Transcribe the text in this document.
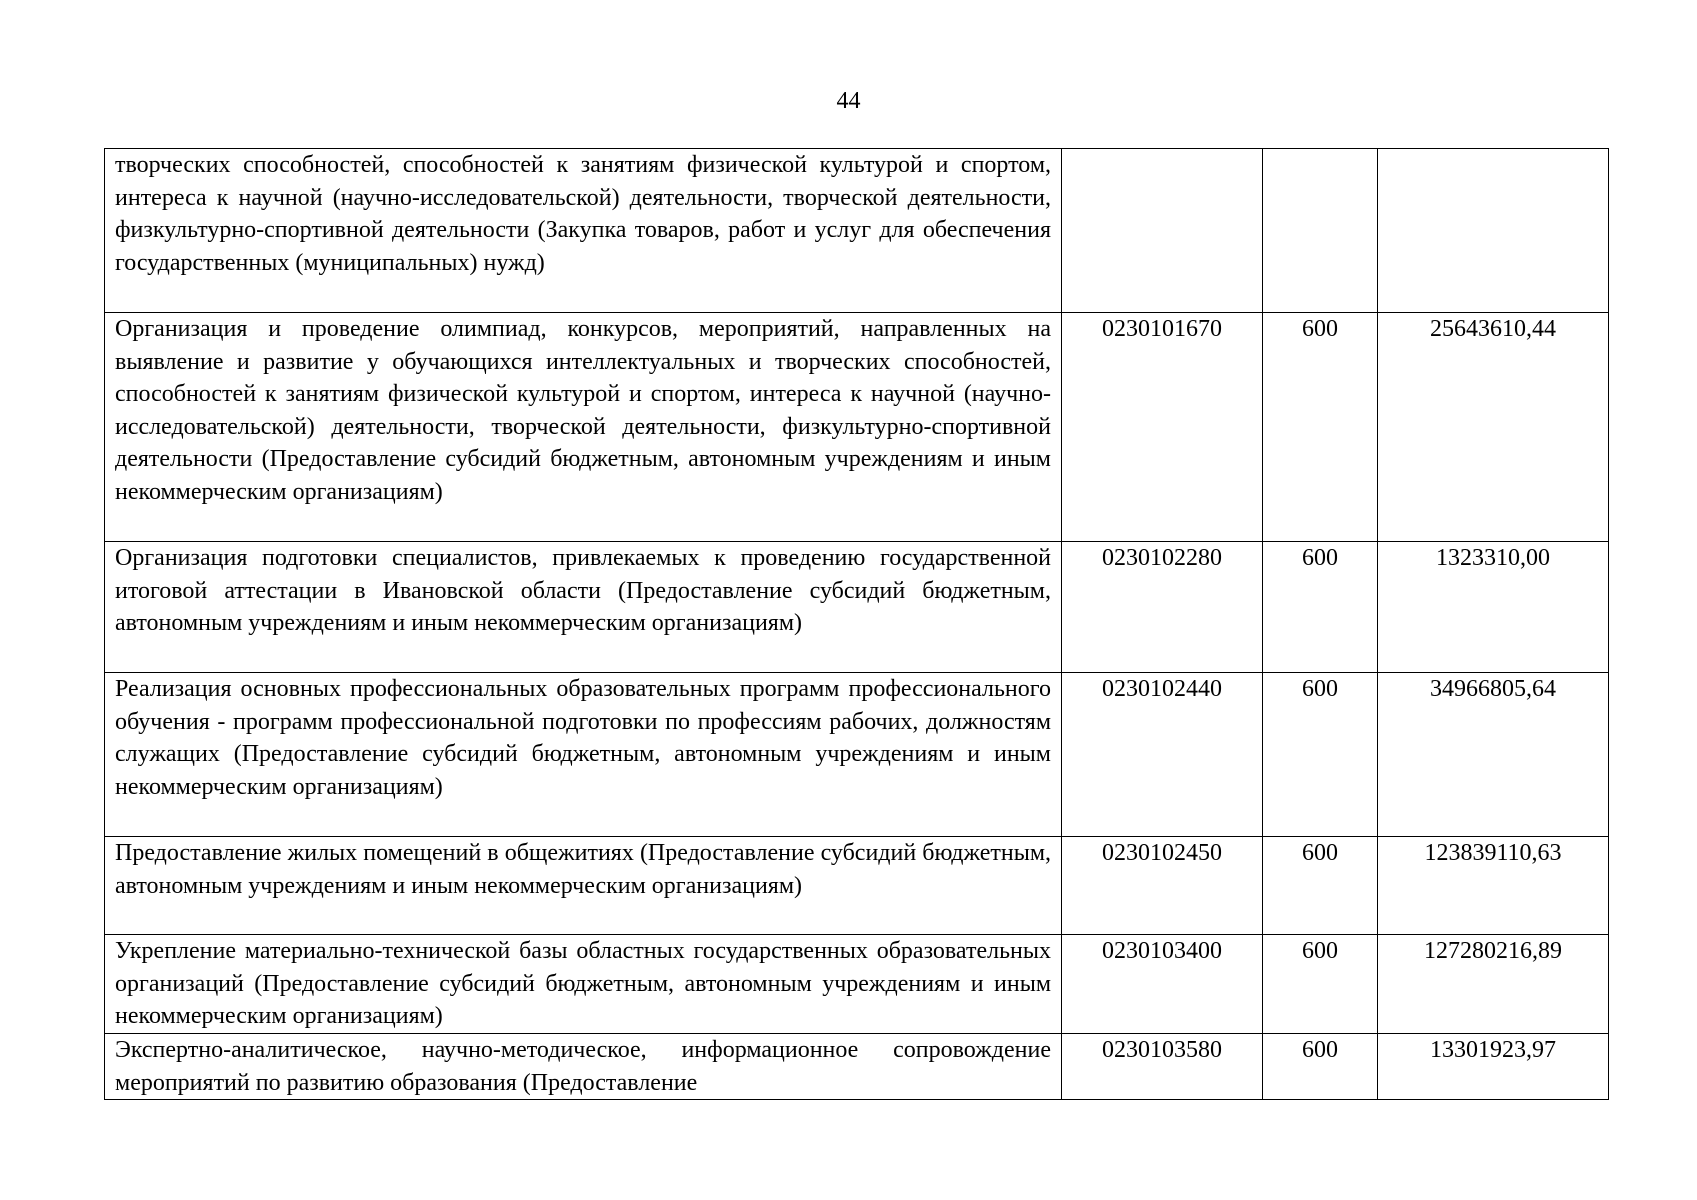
44
творческих способностей, способностей к занятиям физической культурой и спортом, интереса к научной (научно-исследовательской) деятельности, творческой деятельности, физкультурно-спортивной деятельности (Закупка товаров, работ и услуг для обеспечения государственных (муниципальных) нужд)			
Организация и проведение олимпиад, конкурсов, мероприятий, направленных на выявление и развитие у обучающихся интеллектуальных и творческих способностей, способностей к занятиям физической культурой и спортом, интереса к научной (научно-исследовательской) деятельности, творческой деятельности, физкультурно-спортивной деятельности (Предоставление субсидий бюджетным, автономным учреждениям и иным некоммерческим организациям)	0230101670	600	25643610,44
Организация подготовки специалистов, привлекаемых к проведению государственной итоговой аттестации в Ивановской области (Предоставление субсидий бюджетным, автономным учреждениям и иным некоммерческим организациям)	0230102280	600	1323310,00
Реализация основных профессиональных образовательных программ профессионального обучения - программ профессиональной подготовки по профессиям рабочих, должностям служащих (Предоставление субсидий бюджетным, автономным учреждениям и иным некоммерческим организациям)	0230102440	600	34966805,64
Предоставление жилых помещений в общежитиях (Предоставление субсидий бюджетным, автономным учреждениям и иным некоммерческим организациям)	0230102450	600	123839110,63
Укрепление материально-технической базы областных государственных образовательных организаций (Предоставление субсидий бюджетным, автономным учреждениям и иным некоммерческим организациям)	0230103400	600	127280216,89
Экспертно-аналитическое, научно-методическое, информационное сопровождение мероприятий по развитию образования (Предоставление	0230103580	600	13301923,97
